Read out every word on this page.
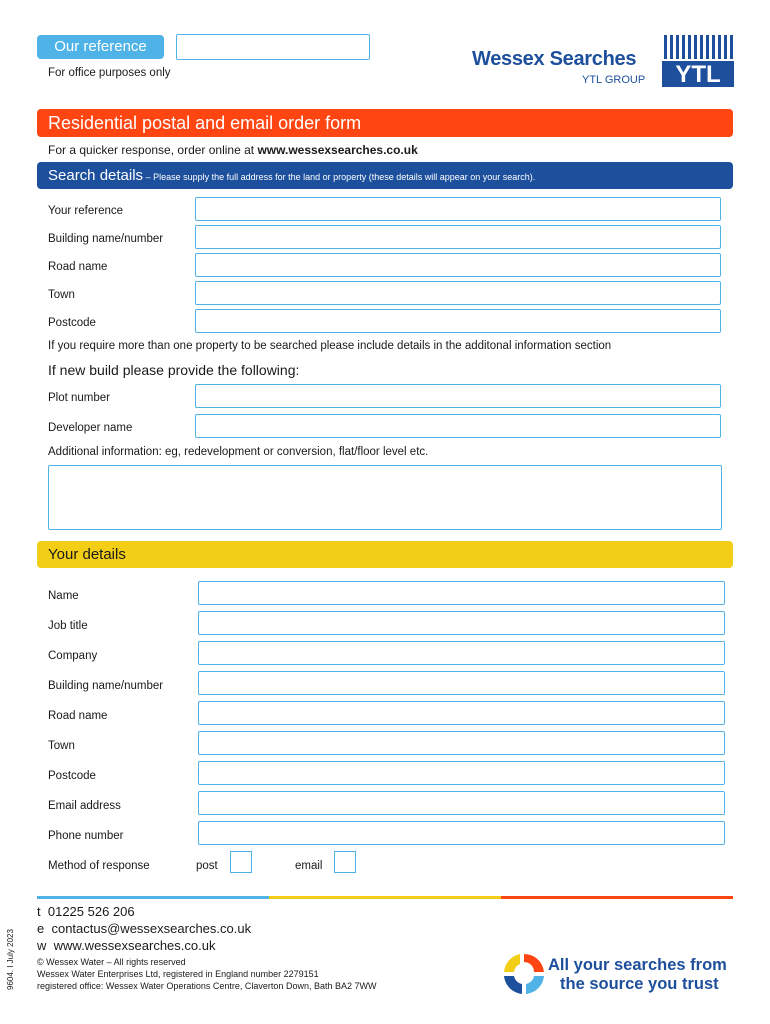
Our reference
For office purposes only
Wessex Searches
YTL GROUP YTL
Residential postal and email order form
For a quicker response, order online at www.wessexsearches.co.uk
Search details – Please supply the full address for the land or property (these details will appear on your search).
Your reference
Building name/number
Road name
Town
Postcode
If you require more than one property to be searched please include details in the additonal information section
If new build please provide the following:
Plot number
Developer name
Additional information: eg, redevelopment or conversion, flat/floor level etc.
Your details
Name
Job title
Company
Building name/number
Road name
Town
Postcode
Email address
Phone number
Method of response	post	email
t 01225 526 206
e contactus@wessexsearches.co.uk
w www.wessexsearches.co.uk
© Wessex Water – All rights reserved
Wessex Water Enterprises Ltd, registered in England number 2279151
registered office: Wessex Water Operations Centre, Claverton Down, Bath BA2 7WW
9604. I July 2023	All your searches from
the source you trust
